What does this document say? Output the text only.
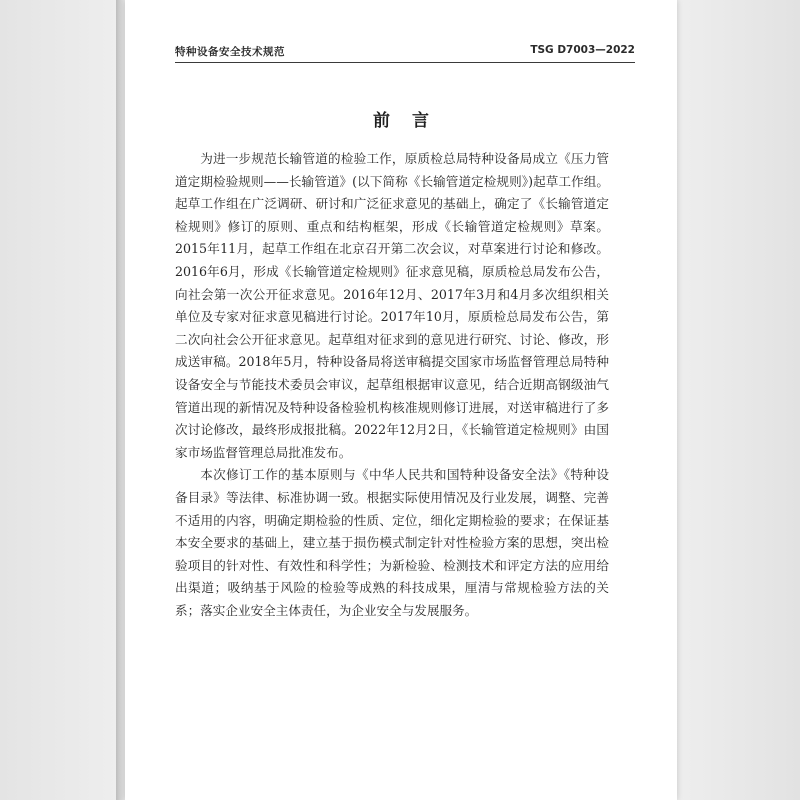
特种设备安全技术规范	TSG D7003—2022
前言

为进一步规范长输管道的检验工作，原质检总局特种设备局成立《压力管道定期检验规则——长输管道》(以下简称《长输管道定检规则》)起草工作组。起草工作组在广泛调研、研讨和广泛征求意见的基础上，确定了《长输管道定检规则》修订的原则、重点和结构框架，形成《长输管道定检规则》草案。2015年11月，起草工作组在北京召开第二次会议，对草案进行讨论和修改。2016年6月，形成《长输管道定检规则》征求意见稿，原质检总局发布公告，向社会第一次公开征求意见。2016年12月、2017年3月和4月多次组织相关单位及专家对征求意见稿进行讨论。2017年10月，原质检总局发布公告，第二次向社会公开征求意见。起草组对征求到的意见进行研究、讨论、修改，形成送审稿。2018年5月，特种设备局将送审稿提交国家市场监督管理总局特种设备安全与节能技术委员会审议，起草组根据审议意见，结合近期高钢级油气管道出现的新情况及特种设备检验机构核准规则修订进展，对送审稿进行了多次讨论修改，最终形成报批稿。2022年12月2日，《长输管道定检规则》由国家市场监督管理总局批准发布。

本次修订工作的基本原则与《中华人民共和国特种设备安全法》《特种设备目录》等法律、标准协调一致。根据实际使用情况及行业发展，调整、完善不适用的内容，明确定期检验的性质、定位，细化定期检验的要求；在保证基本安全要求的基础上，建立基于损伤模式制定针对性检验方案的思想，突出检验项目的针对性、有效性和科学性；为新检验、检测技术和评定方法的应用给出渠道；吸纳基于风险的检验等成熟的科技成果，厘清与常规检验方法的关系；落实企业安全主体责任，为企业安全与发展服务。
